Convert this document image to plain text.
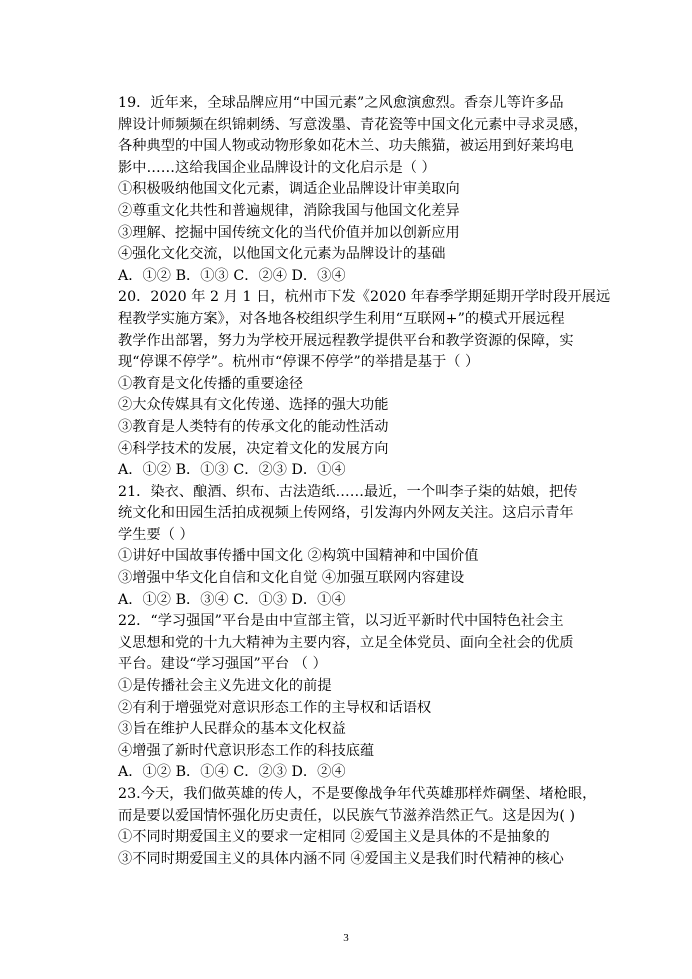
19．近年来，全球品牌应用“中国元素”之风愈演愈烈。香奈儿等许多品
牌设计师频频在织锦刺绣、写意泼墨、青花瓷等中国文化元素中寻求灵感，
各种典型的中国人物或动物形象如花木兰、功夫熊猫，被运用到好莱坞电
影中……这给我国企业品牌设计的文化启示是（ ）
①积极吸纳他国文化元素，调适企业品牌设计审美取向
②尊重文化共性和普遍规律，消除我国与他国文化差异
③理解、挖掘中国传统文化的当代价值并加以创新应用
④强化文化交流，以他国文化元素为品牌设计的基础
A．①② B．①③ C．②④ D．③④
20．2020 年 2 月 1 日，杭州市下发《2020 年春季学期延期开学时段开展远
程教学实施方案》，对各地各校组织学生利用“互联网+”的模式开展远程
教学作出部署，努力为学校开展远程教学提供平台和教学资源的保障，实
现“停课不停学”。杭州市“停课不停学”的举措是基于（ ）
①教育是文化传播的重要途径
②大众传媒具有文化传递、选择的强大功能
③教育是人类特有的传承文化的能动性活动
④科学技术的发展，决定着文化的发展方向
A．①② B．①③ C．②③ D．①④
21．染衣、酿酒、织布、古法造纸……最近，一个叫李子柒的姑娘，把传
统文化和田园生活拍成视频上传网络，引发海内外网友关注。这启示青年
学生要（ ）
①讲好中国故事传播中国文化 ②构筑中国精神和中国价值
③增强中华文化自信和文化自觉 ④加强互联网内容建设
A．①② B．③④ C．①③ D．①④
22．“学习强国”平台是由中宣部主管，以习近平新时代中国特色社会主
义思想和党的十九大精神为主要内容，立足全体党员、面向全社会的优质
平台。建设“学习强国”平台 （ ）
①是传播社会主义先进文化的前提
②有利于增强党对意识形态工作的主导权和话语权
③旨在维护人民群众的基本文化权益
④增强了新时代意识形态工作的科技底蕴
A．①② B．①④ C．②③ D．②④
23.今天，我们做英雄的传人，不是要像战争年代英雄那样炸碉堡、堵枪眼，
而是要以爱国情怀强化历史责任，以民族气节滋养浩然正气。这是因为( )
①不同时期爱国主义的要求一定相同 ②爱国主义是具体的不是抽象的
③不同时期爱国主义的具体内涵不同 ④爱国主义是我们时代精神的核心
3
